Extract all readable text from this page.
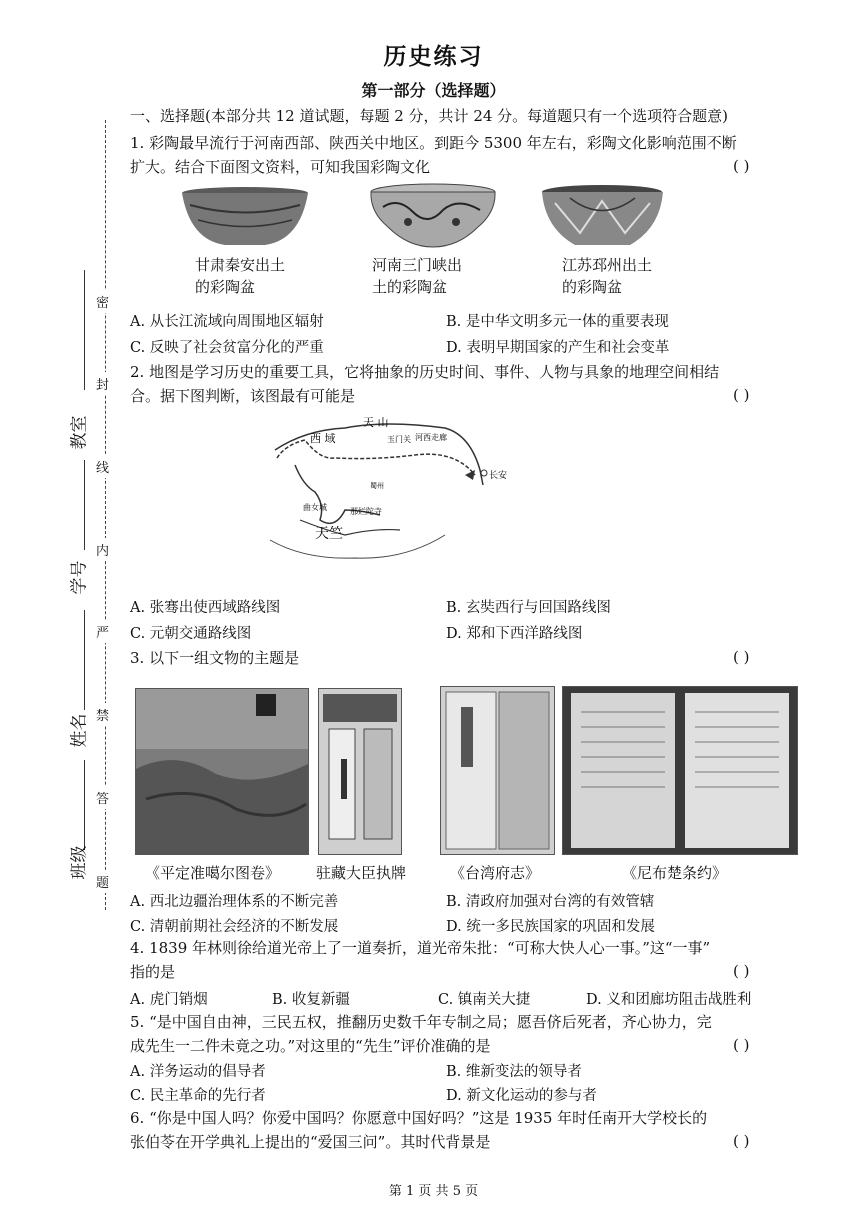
历史练习
第一部分（选择题）
密
封
线
内
严
禁
答
题
教室
学号
姓名
班级
一、选择题(本部分共 12 道试题，每题 2 分，共计 24 分。每道题只有一个选项符合题意)
1. 彩陶最早流行于河南西部、陕西关中地区。到距今 5300 年左右，彩陶文化影响范围不断
扩大。结合下面图文资料，可知我国彩陶文化	( )
甘肃秦安出土
的彩陶盆
河南三门峡出
土的彩陶盆
江苏邳州出土
的彩陶盆
A. 从长江流域向周围地区辐射	B. 是中华文明多元一体的重要表现
C. 反映了社会贫富分化的严重	D. 表明早期国家的产生和社会变革
2. 地图是学习历史的重要工具，它将抽象的历史时间、事件、人物与具象的地理空间相结
合。据下图判断，该图最有可能是	( )
天 山
西 域	玉门关 河西走廊
长安
蜀州
曲女城	那烂陀寺
天竺
A. 张骞出使西域路线图	B. 玄奘西行与回国路线图
C. 元朝交通路线图	D. 郑和下西洋路线图
3. 以下一组文物的主题是	( )
《平定准噶尔图卷》 驻藏大臣执牌	《台湾府志》	《尼布楚条约》
A. 西北边疆治理体系的不断完善	B. 清政府加强对台湾的有效管辖
C. 清朝前期社会经济的不断发展	D. 统一多民族国家的巩固和发展
4. 1839 年林则徐给道光帝上了一道奏折，道光帝朱批：“可称大快人心一事。”这“一事”
指的是	( )
A. 虎门销烟	B. 收复新疆	C. 镇南关大捷	D. 义和团廊坊阻击战胜利
5. “是中国自由神，三民五权，推翻历史数千年专制之局；愿吾侪后死者，齐心协力，完
成先生一二件未竟之功。”对这里的“先生”评价准确的是	( )
A. 洋务运动的倡导者	B. 维新变法的领导者
C. 民主革命的先行者	D. 新文化运动的参与者
6. “你是中国人吗？你爱中国吗？你愿意中国好吗？”这是 1935 年时任南开大学校长的
张伯苓在开学典礼上提出的“爱国三问”。其时代背景是	( )
第 1 页 共 5 页
